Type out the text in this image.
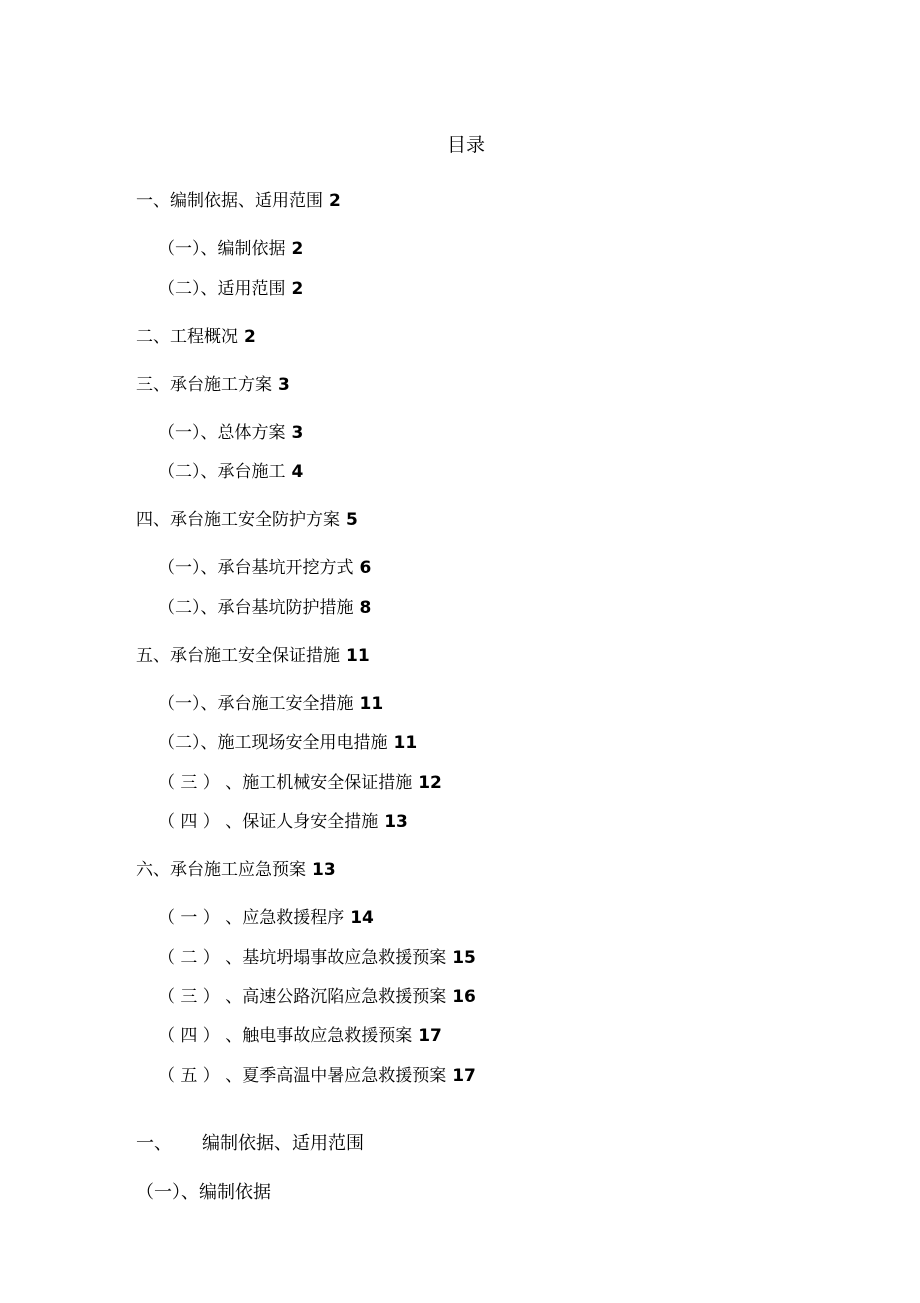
目录
一、编制依据、适用范围 2
（一）、编制依据 2
（二）、适用范围 2
二、工程概况 2
三、承台施工方案 3
（一）、总体方案 3
（二）、承台施工 4
四、承台施工安全防护方案 5
（一）、承台基坑开挖方式 6
（二）、承台基坑防护措施 8
五、承台施工安全保证措施 11
（一）、承台施工安全措施 11
（二）、施工现场安全用电措施 11
（ 三 ） 、施工机械安全保证措施 12
（ 四 ） 、保证人身安全措施 13
六、承台施工应急预案 13
（ 一 ） 、应急救援程序 14
（ 二 ） 、基坑坍塌事故应急救援预案 15
（ 三 ） 、高速公路沉陷应急救援预案 16
（ 四 ） 、触电事故应急救援预案 17
（ 五 ） 、夏季高温中暑应急救援预案 17
一、 编制依据、适用范围
（一）、编制依据
